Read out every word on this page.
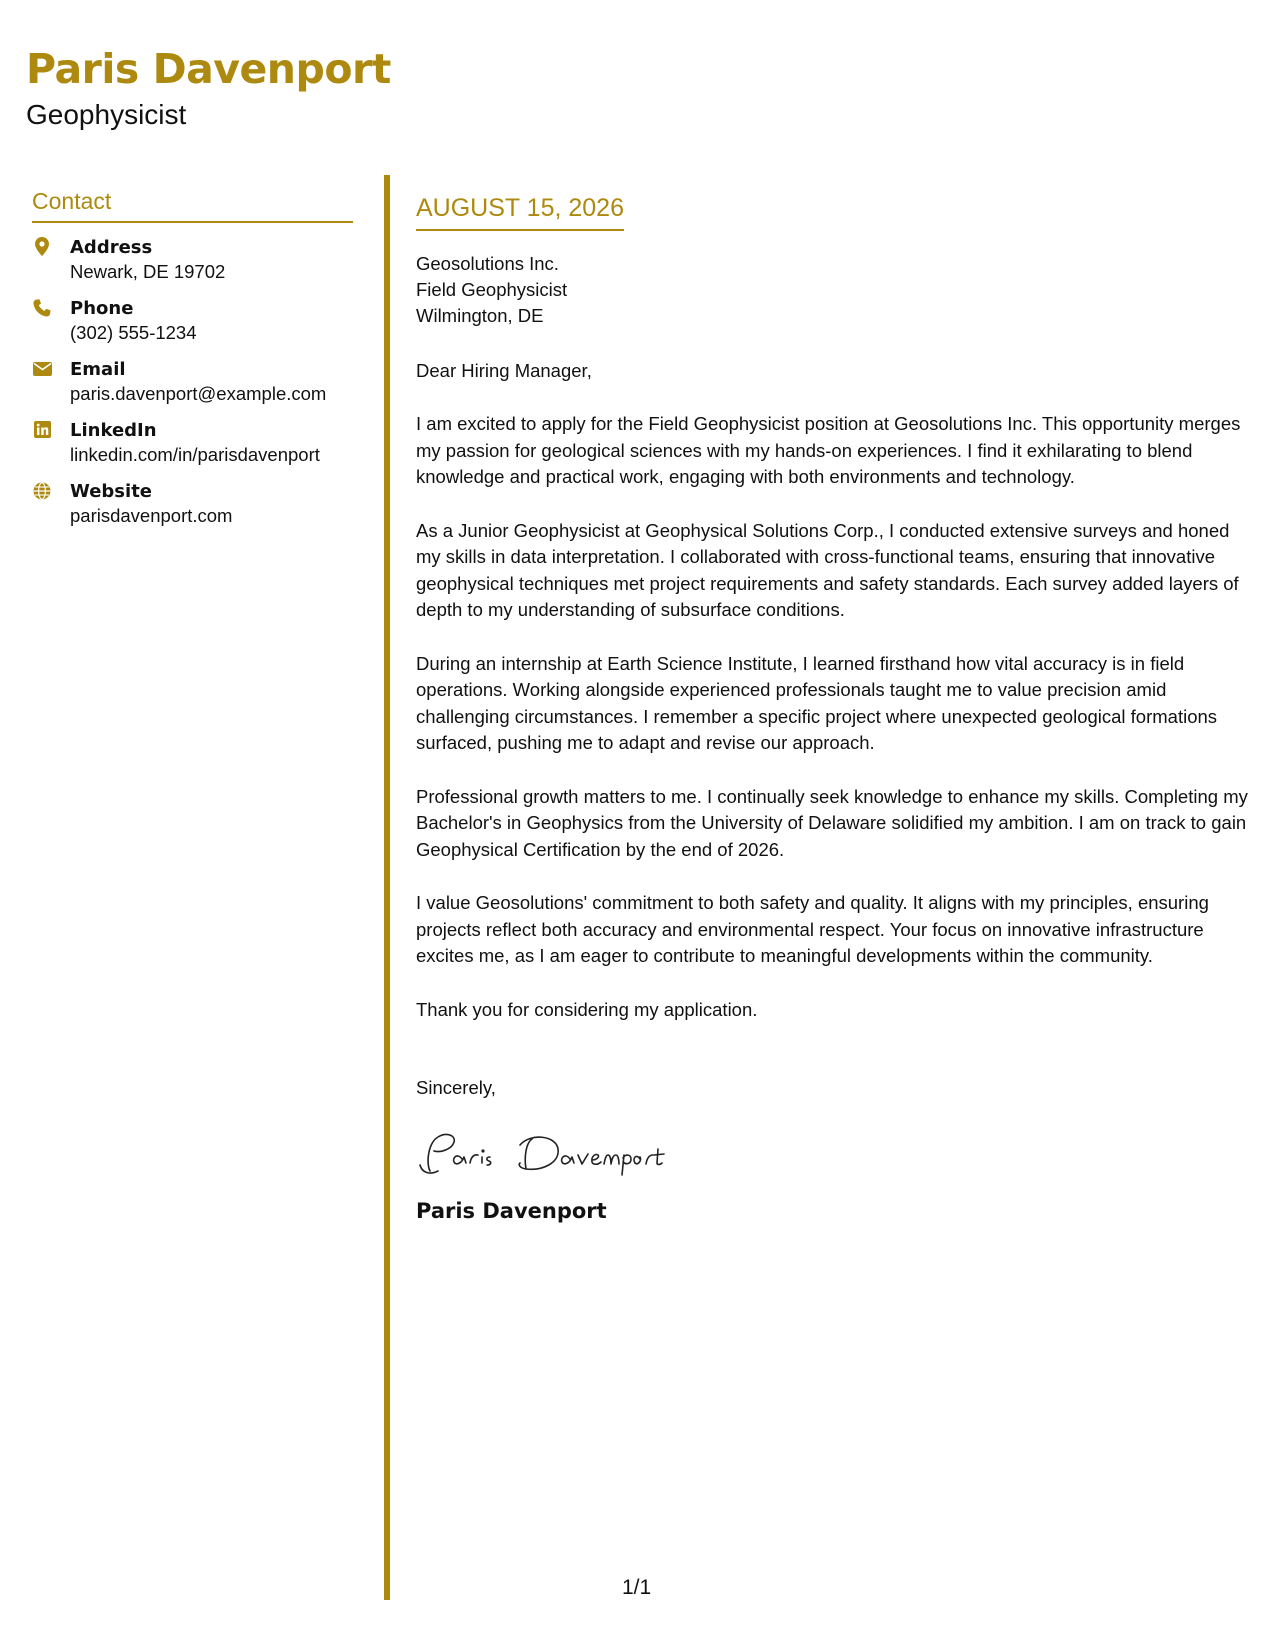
Paris Davenport
Geophysicist
Contact
Address
Newark, DE 19702
Phone
(302) 555-1234
Email
paris.davenport@example.com
LinkedIn
linkedin.com/in/parisdavenport
Website
parisdavenport.com
AUGUST 15, 2026
Geosolutions Inc.
Field Geophysicist
Wilmington, DE
Dear Hiring Manager,

I am excited to apply for the Field Geophysicist position at Geosolutions Inc. This opportunity merges my passion for geological sciences with my hands-on experiences. I find it exhilarating to blend knowledge and practical work, engaging with both environments and technology.

As a Junior Geophysicist at Geophysical Solutions Corp., I conducted extensive surveys and honed my skills in data interpretation. I collaborated with cross-functional teams, ensuring that innovative geophysical techniques met project requirements and safety standards. Each survey added layers of depth to my understanding of subsurface conditions.

During an internship at Earth Science Institute, I learned firsthand how vital accuracy is in field operations. Working alongside experienced professionals taught me to value precision amid challenging circumstances. I remember a specific project where unexpected geological formations surfaced, pushing me to adapt and revise our approach.

Professional growth matters to me. I continually seek knowledge to enhance my skills. Completing my Bachelor's in Geophysics from the University of Delaware solidified my ambition. I am on track to gain Geophysical Certification by the end of 2026.

I value Geosolutions' commitment to both safety and quality. It aligns with my principles, ensuring projects reflect both accuracy and environmental respect. Your focus on innovative infrastructure excites me, as I am eager to contribute to meaningful developments within the community.

Thank you for considering my application.
Sincerely,
Paris Davenport
1/1
